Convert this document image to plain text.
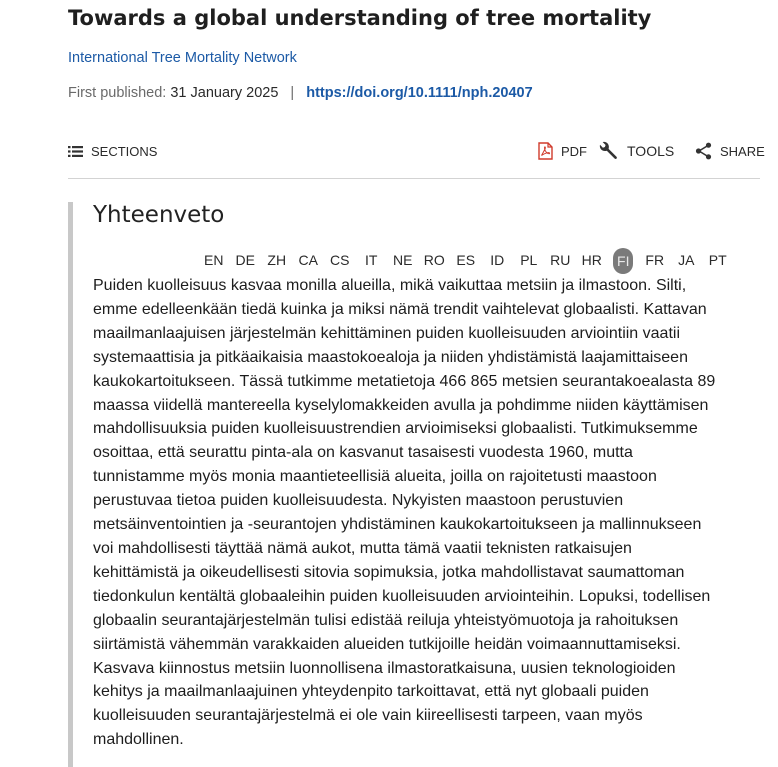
Towards a global understanding of tree mortality
International Tree Mortality Network
First published: 31 January 2025 | https://doi.org/10.1111/nph.20407
SECTIONS	PDF	TOOLS	SHARE
Yhteenveto
EN DE ZH CA CS	IT	NE RO ES	ID	PL RU HR	FI	FR	JA	PT

Puiden kuolleisuus kasvaa monilla alueilla, mikä vaikuttaa metsiin ja ilmastoon. Silti,
emme edelleenkään tiedä kuinka ja miksi nämä trendit vaihtelevat globaalisti. Kattavan
maailmanlaajuisen järjestelmän kehittäminen puiden kuolleisuuden arviointiin vaatii
systemaattisia ja pitkäaikaisia maastokoealoja ja niiden yhdistämistä laajamittaiseen
kaukokartoitukseen. Tässä tutkimme metatietoja 466 865 metsien seurantakoealasta 89
maassa viidellä mantereella kyselylomakkeiden avulla ja pohdimme niiden käyttämisen
mahdollisuuksia puiden kuolleisuustrendien arvioimiseksi globaalisti. Tutkimuksemme
osoittaa, että seurattu pinta-ala on kasvanut tasaisesti vuodesta 1960, mutta
tunnistamme myös monia maantieteellisiä alueita, joilla on rajoitetusti maastoon
perustuvaa tietoa puiden kuolleisuudesta. Nykyisten maastoon perustuvien
metsäinventointien ja -seurantojen yhdistäminen kaukokartoitukseen ja mallinnukseen
voi mahdollisesti täyttää nämä aukot, mutta tämä vaatii teknisten ratkaisujen
kehittämistä ja oikeudellisesti sitovia sopimuksia, jotka mahdollistavat saumattoman
tiedonkulun kentältä globaaleihin puiden kuolleisuuden arviointeihin. Lopuksi, todellisen
globaalin seurantajärjestelmän tulisi edistää reiluja yhteistyömuotoja ja rahoituksen
siirtämistä vähemmän varakkaiden alueiden tutkijoille heidän voimaannuttamiseksi.
Kasvava kiinnostus metsiin luonnollisena ilmastoratkaisuna, uusien teknologioiden
kehitys ja maailmanlaajuinen yhteydenpito tarkoittavat, että nyt globaali puiden
kuolleisuuden seurantajärjestelmä ei ole vain kiireellisesti tarpeen, vaan myös
mahdollinen.
